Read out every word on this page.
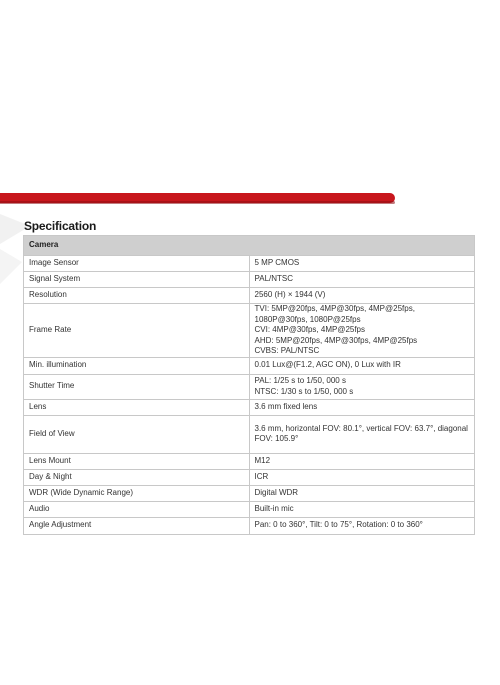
Specification
Camera	
Image Sensor	5 MP CMOS

Signal System	PAL/NTSC

Resolution	2560 (H) × 1944 (V)

Frame Rate	TVI: 5MP@20fps, 4MP@30fps, 4MP@25fps, 1080P@30fps, 1080P@25fps
CVI: 4MP@30fps, 4MP@25fps
AHD: 5MP@20fps, 4MP@30fps, 4MP@25fps
CVBS: PAL/NTSC

Min. illumination	0.01 Lux@(F1.2, AGC ON), 0 Lux with IR

Shutter Time	PAL: 1/25 s to 1/50, 000 s
NTSC: 1/30 s to 1/50, 000 s

Lens	3.6 mm fixed lens

Field of View	3.6 mm, horizontal FOV: 80.1°, vertical FOV: 63.7°, diagonal FOV: 105.9°

Lens Mount	M12

Day & Night	ICR

WDR (Wide Dynamic Range)	Digital WDR

Audio	Built-in mic

Angle Adjustment	Pan: 0 to 360°, Tilt: 0 to 75°, Rotation: 0 to 360°
